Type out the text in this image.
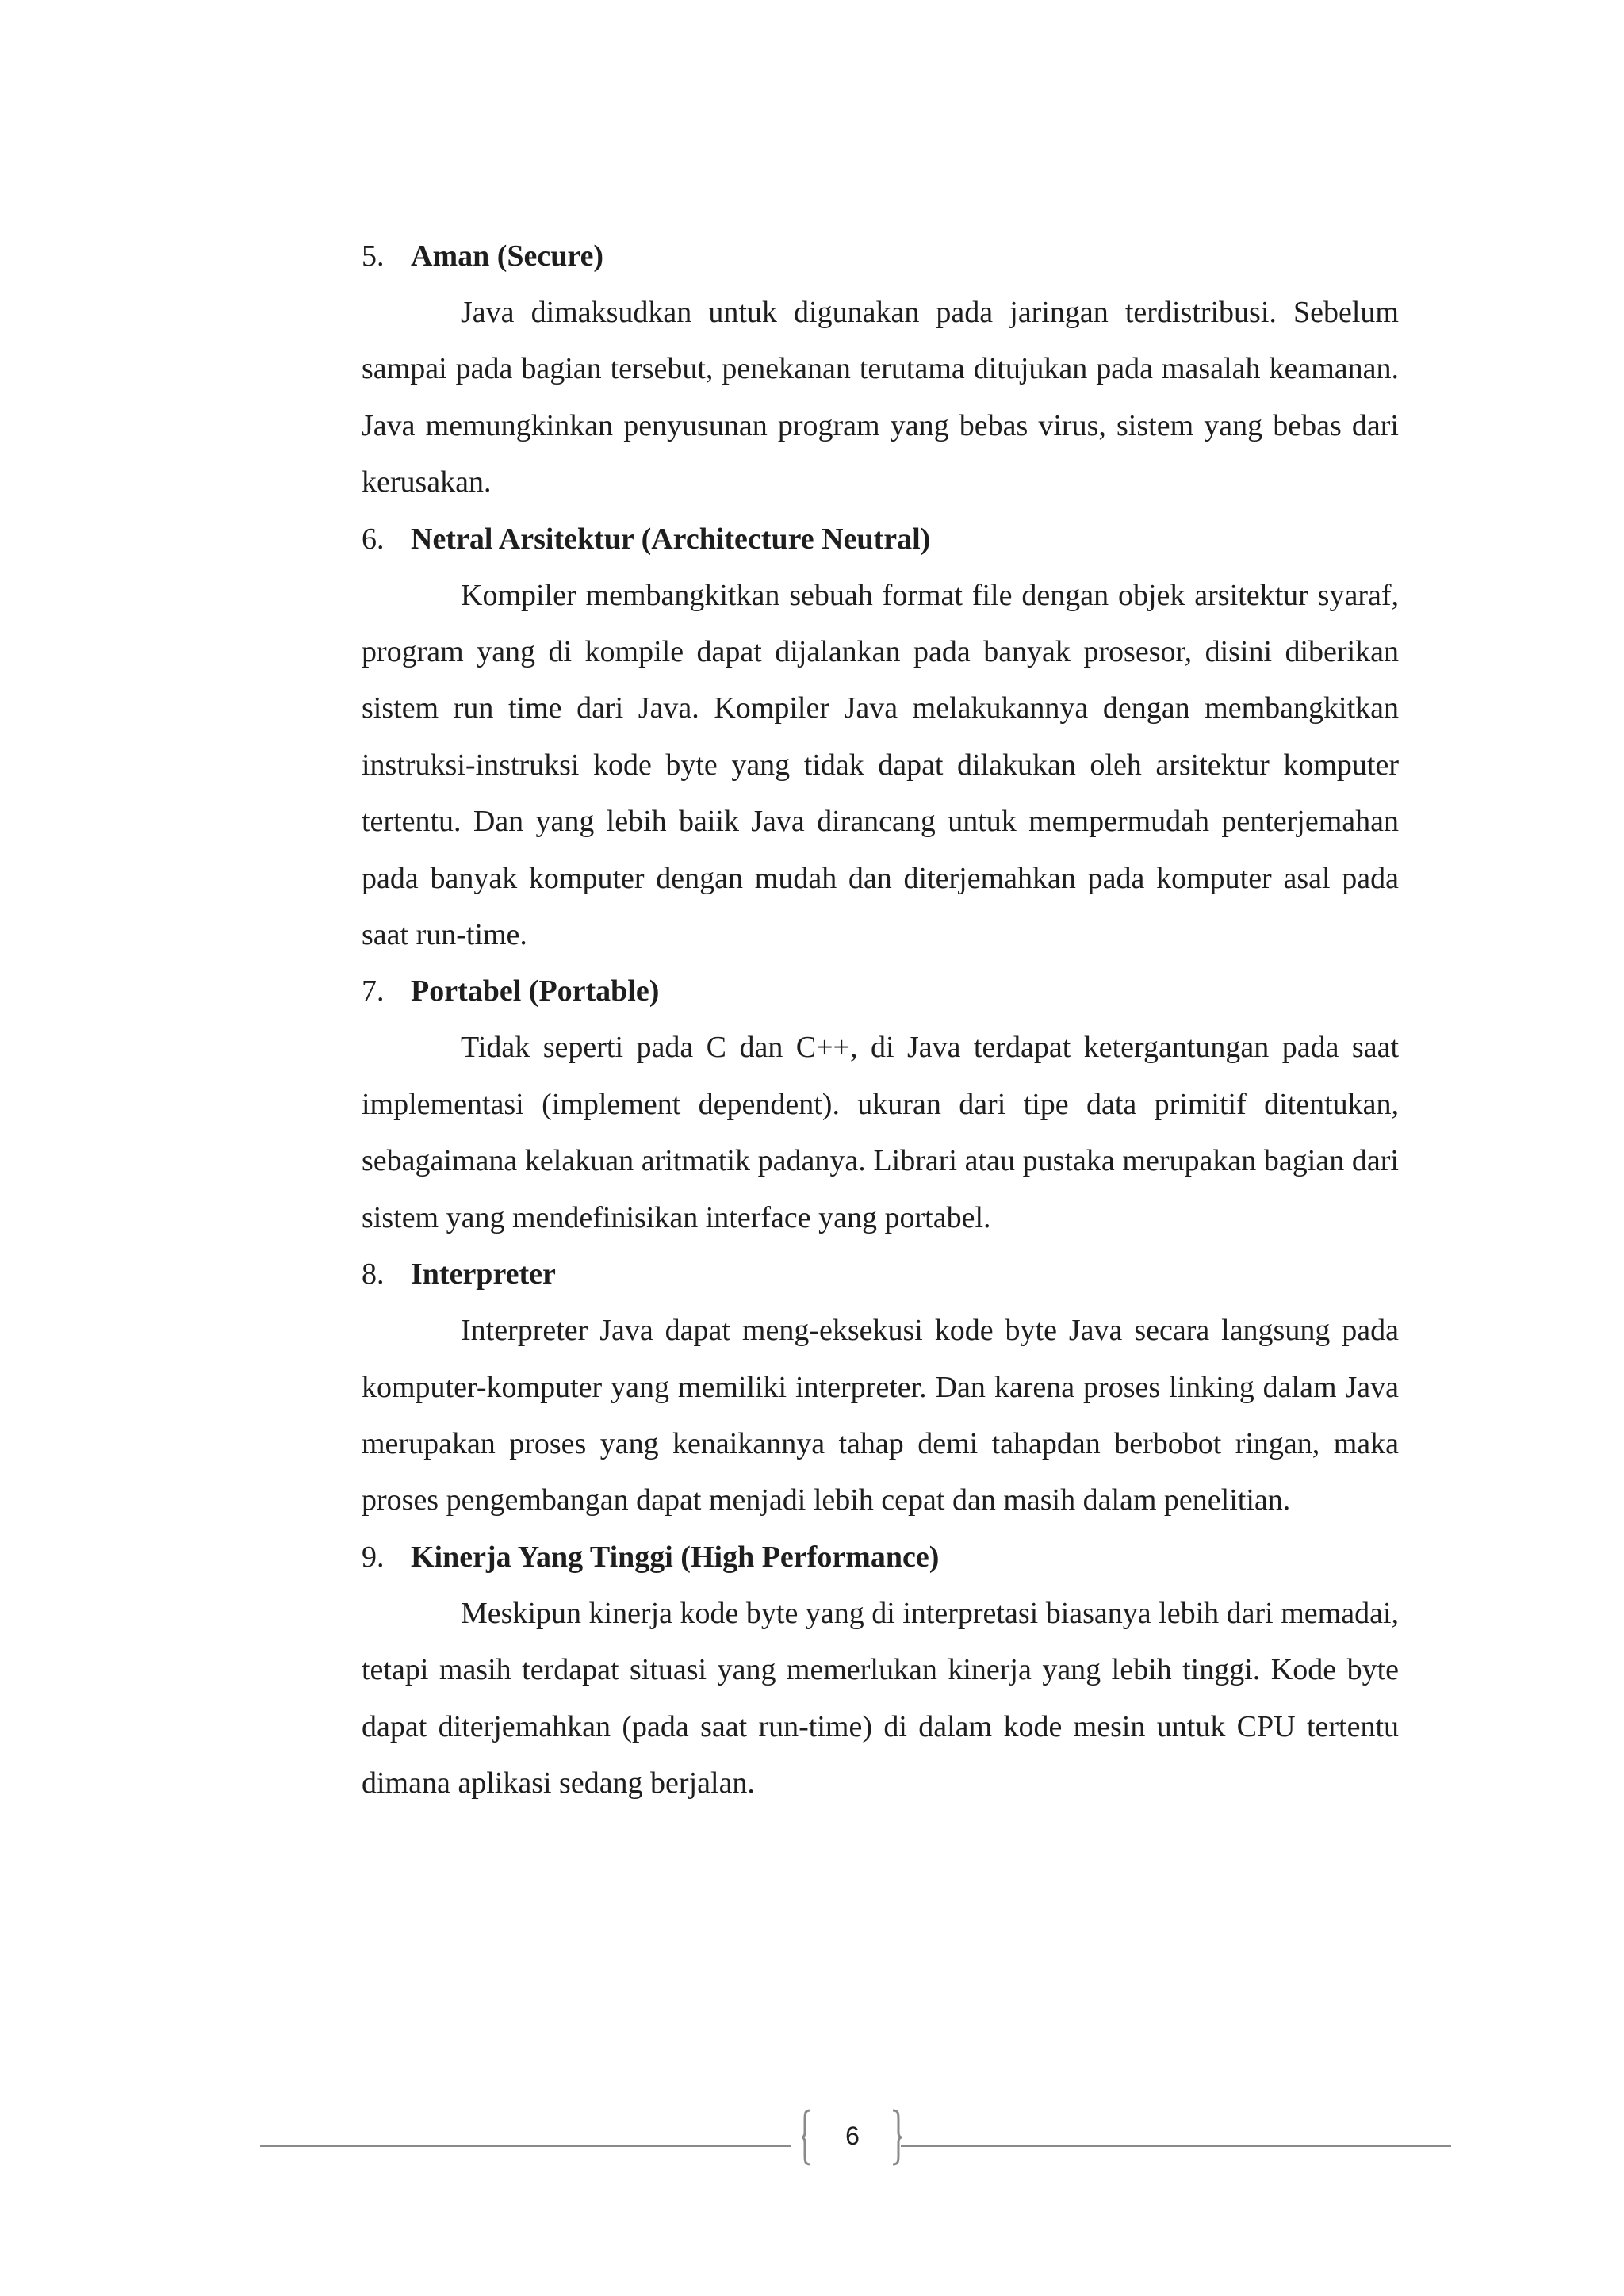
5. Aman (Secure)

Java dimaksudkan untuk digunakan pada jaringan terdistribusi. Sebelum sampai pada bagian tersebut, penekanan terutama ditujukan pada masalah keamanan. Java memungkinkan penyusunan program yang bebas virus, sistem yang bebas dari kerusakan.

6. Netral Arsitektur (Architecture Neutral)

Kompiler membangkitkan sebuah format file dengan objek arsitektur syaraf, program yang di kompile dapat dijalankan pada banyak prosesor, disini diberikan sistem run time dari Java. Kompiler Java melakukannya dengan membangkitkan instruksi-instruksi kode byte yang tidak dapat dilakukan oleh arsitektur komputer tertentu. Dan yang lebih baiik Java dirancang untuk mempermudah penterjemahan pada banyak komputer dengan mudah dan diterjemahkan pada komputer asal pada saat run-time.

7. Portabel (Portable)

Tidak seperti pada C dan C++, di Java terdapat ketergantungan pada saat implementasi (implement dependent). ukuran dari tipe data primitif ditentukan, sebagaimana kelakuan aritmatik padanya. Librari atau pustaka merupakan bagian dari sistem yang mendefinisikan interface yang portabel.

8. Interpreter

Interpreter Java dapat meng-eksekusi kode byte Java secara langsung pada komputer-komputer yang memiliki interpreter. Dan karena proses linking dalam Java merupakan proses yang kenaikannya tahap demi tahapdan berbobot ringan, maka proses pengembangan dapat menjadi lebih cepat dan masih dalam penelitian.

9. Kinerja Yang Tinggi (High Performance)

Meskipun kinerja kode byte yang di interpretasi biasanya lebih dari memadai, tetapi masih terdapat situasi yang memerlukan kinerja yang lebih tinggi. Kode byte dapat diterjemahkan (pada saat run-time) di dalam kode mesin untuk CPU tertentu dimana aplikasi sedang berjalan.

6
